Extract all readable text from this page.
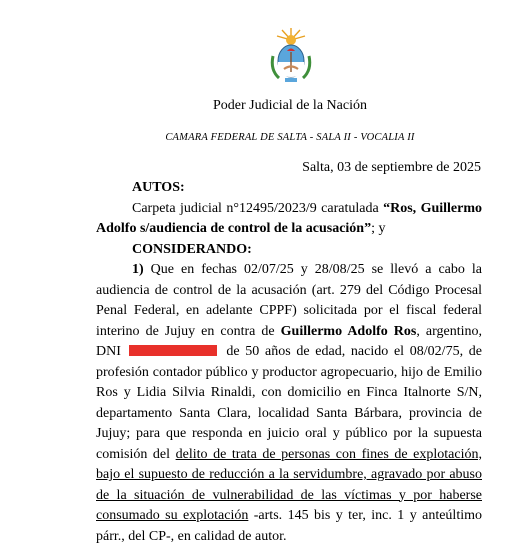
Poder Judicial de la Nación
CAMARA FEDERAL DE SALTA - SALA II - VOCALIA II
Salta, 03 de septiembre de 2025
AUTOS:
Carpeta judicial n°12495/2023/9 caratulada “Ros, Guillermo Adolfo s/audiencia de control de la acusación”; y
CONSIDERANDO:
1) Que en fechas 02/07/25 y 28/08/25 se llevó a cabo la audiencia de control de la acusación (art. 279 del Código Procesal Penal Federal, en adelante CPPF) solicitada por el fiscal federal interino de Jujuy en contra de Guillermo Adolfo Ros, argentino, DNI	de 50 años de edad, nacido el 08/02/75, de profesión contador público y productor agropecuario, hijo de Emilio Ros y Lidia Silvia Rinaldi, con domicilio en Finca Italnorte S/N, departamento Santa Clara, localidad Santa Bárbara, provincia de Jujuy; para que responda en juicio oral y público por la supuesta comisión del delito de trata de personas con fines de explotación, bajo el supuesto de reducción a la servidumbre, agravado por abuso de la situación de vulnerabilidad de las víctimas y por haberse consumado su explotación -arts. 145 bis y ter, inc. 1 y anteúltimo párr., del CP-, en calidad de autor.
